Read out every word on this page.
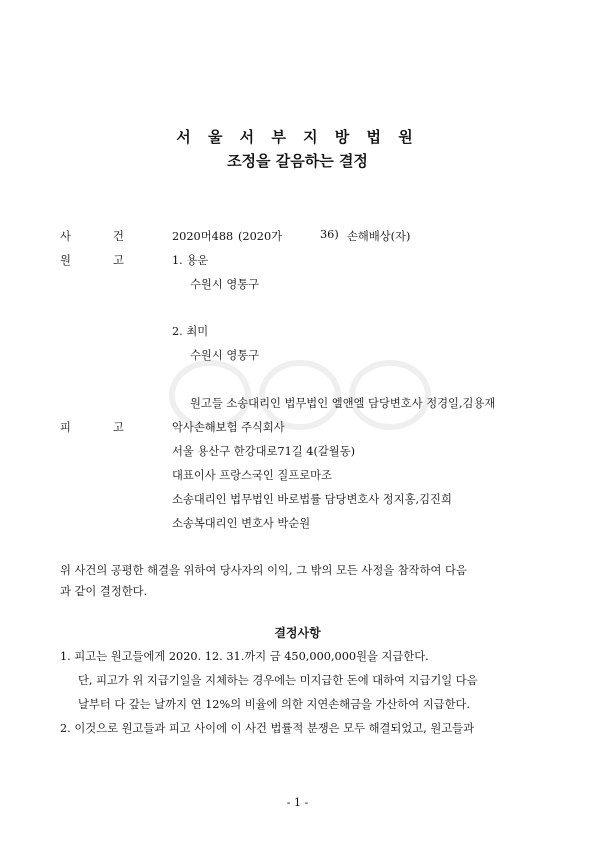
서 울 서 부 지 방 법 원
조정을 갈음하는 결정
사	건	2020머488 (2020가	36) 손해배상(자)
원	고	1. 용운
수원시 영통구
2. 최미
수원시 영통구
원고들 소송대리인 법무법인 엘앤엘 담당변호사 정경일,김용재
피	고	악사손해보험 주식회사
서울 용산구 한강대로71길 4(갈월동)
대표이사 프랑스국인 질프로마조
소송대리인 법무법인 바로법률 담당변호사 정지홍,김진희
소송복대리인 변호사 박순원
위 사건의 공평한 해결을 위하여 당사자의 이익, 그 밖의 모든 사정을 참작하여 다음
과 같이 결정한다.
결정사항
1. 피고는 원고들에게 2020. 12. 31.까지 금 450,000,000원을 지급한다.
단, 피고가 위 지급기일을 지체하는 경우에는 미지급한 돈에 대하여 지급기일 다음
날부터 다 갚는 날까지 연 12%의 비율에 의한 지연손해금을 가산하여 지급한다.
2. 이것으로 원고들과 피고 사이에 이 사건 법률적 분쟁은 모두 해결되었고, 원고들과
- 1 -
